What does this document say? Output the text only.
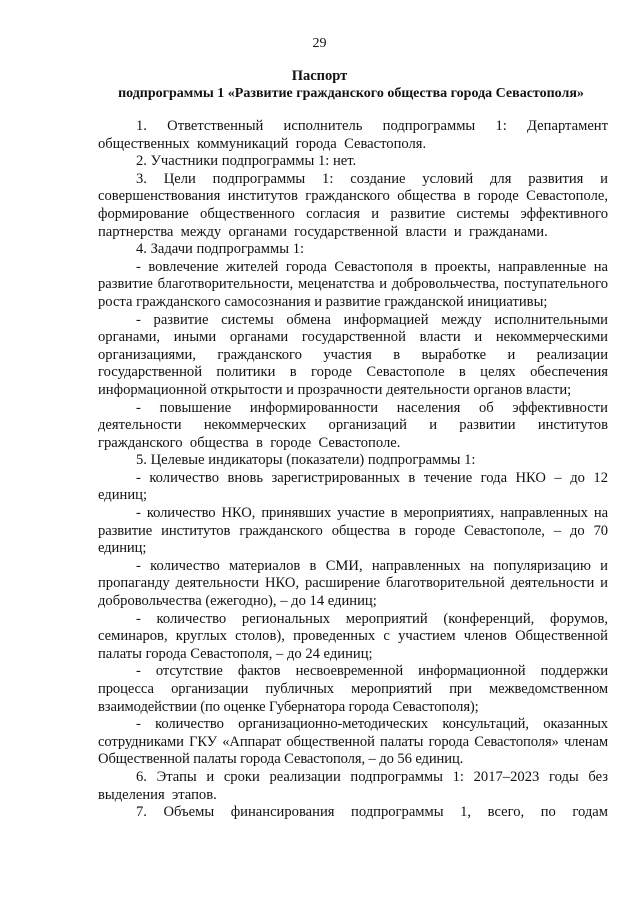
29
Паспорт
подпрограммы 1 «Развитие гражданского общества города Севастополя»

1. Ответственный исполнитель подпрограммы 1: Департамент общественных коммуникаций города Севастополя.

2. Участники подпрограммы 1: нет.

3. Цели подпрограммы 1: создание условий для развития и совершенствования институтов гражданского общества в городе Севастополе, формирование общественного согласия и развитие системы эффективного партнерства между органами государственной власти и гражданами.

4. Задачи подпрограммы 1:

- вовлечение жителей города Севастополя в проекты, направленные на развитие благотворительности, меценатства и добровольчества, поступательного роста гражданского самосознания и развитие гражданской инициативы;

- развитие системы обмена информацией между исполнительными органами, иными органами государственной власти и некоммерческими организациями, гражданского участия в выработке и реализации государственной политики в городе Севастополе в целях обеспечения информационной открытости и прозрачности деятельности органов власти;

- повышение информированности населения об эффективности деятельности некоммерческих организаций и развитии институтов гражданского общества в городе Севастополе.

5. Целевые индикаторы (показатели) подпрограммы 1:

- количество вновь зарегистрированных в течение года НКО – до 12 единиц;

- количество НКО, принявших участие в мероприятиях, направленных на развитие институтов гражданского общества в городе Севастополе, – до 70 единиц;

- количество материалов в СМИ, направленных на популяризацию и пропаганду деятельности НКО, расширение благотворительной деятельности и добровольчества (ежегодно), – до 14 единиц;

- количество региональных мероприятий (конференций, форумов, семинаров, круглых столов), проведенных с участием членов Общественной палаты города Севастополя, – до 24 единиц;

- отсутствие фактов несвоевременной информационной поддержки процесса организации публичных мероприятий при межведомственном взаимодействии (по оценке Губернатора города Севастополя);

- количество организационно-методических консультаций, оказанных сотрудниками ГКУ «Аппарат общественной палаты города Севастополя» членам Общественной палаты города Севастополя, – до 56 единиц.

6. Этапы и сроки реализации подпрограммы 1: 2017–2023 годы без выделения этапов.

7. Объемы финансирования подпрограммы 1, всего, по годам
